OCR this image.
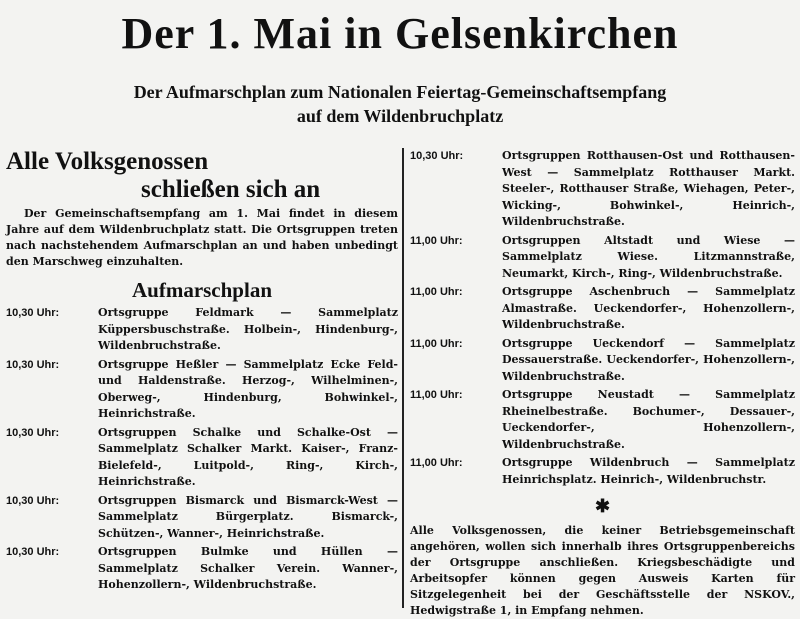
Der 1. Mai in Gelsenkirchen
Der Aufmarschplan zum Nationalen Feiertag-Gemeinschaftsempfang
auf dem Wildenbruchplatz
Alle Volksgenossen
schließen sich an

Der Gemeinschaftsempfang am 1. Mai findet in diesem Jahre auf dem Wildenbruchplatz statt. Die Ortsgruppen treten nach nachstehendem Aufmarschplan an und haben unbedingt den Marschweg einzuhalten.

Aufmarschplan
10,30 Uhr:	Ortsgruppe Feldmark — Sammelplatz Küppersbuschstraße. Holbein-, Hindenburg-, Wildenbruchstraße.
10,30 Uhr:	Ortsgruppe Heßler — Sammelplatz Ecke Feld- und Haldenstraße. Herzog-, Wilhelminen-, Oberweg-, Hindenburg, Bohwinkel-, Heinrichstraße.
10,30 Uhr:	Ortsgruppen Schalke und Schalke-Ost — Sammelplatz Schalker Markt. Kaiser-, Franz-Bielefeld-, Luitpold-, Ring-, Kirch-, Heinrichstraße.
10,30 Uhr:	Ortsgruppen Bismarck und Bismarck-West — Sammelplatz Bürgerplatz. Bismarck-, Schützen-, Wanner-, Heinrichstraße.
10,30 Uhr:	Ortsgruppen Bulmke und Hüllen — Sammelplatz Schalker Verein. Wanner-, Hohenzollern-, Wildenbruchstraße.
10,30 Uhr:	Ortsgruppen Rotthausen-Ost und Rotthausen-West — Sammelplatz Rotthauser Markt. Steeler-, Rotthauser Straße, Wiehagen, Peter-, Wicking-, Bohwinkel-, Heinrich-, Wildenbruchstraße.
11,00 Uhr:	Ortsgruppen Altstadt und Wiese — Sammelplatz Wiese. Litzmannstraße, Neumarkt, Kirch-, Ring-, Wildenbruchstraße.
11,00 Uhr:	Ortsgruppe Aschenbruch — Sammelplatz Almastraße. Ueckendorfer-, Hohenzollern-, Wildenbruchstraße.
11,00 Uhr:	Ortsgruppe Ueckendorf — Sammelplatz Dessauerstraße. Ueckendorfer-, Hohenzollern-, Wildenbruchstraße.
11,00 Uhr:	Ortsgruppe Neustadt — Sammelplatz Rheinelbestraße. Bochumer-, Dessauer-, Ueckendorfer-, Hohenzollern-, Wildenbruchstraße.
11,00 Uhr:	Ortsgruppe Wildenbruch — Sammelplatz Heinrichsplatz. Heinrich-, Wildenbruchstr.
✱

Alle Volksgenossen, die keiner Betriebsgemeinschaft angehören, wollen sich innerhalb ihres Ortsgruppenbereichs der Ortsgruppe anschließen. Kriegsbeschädigte und Arbeitsopfer können gegen Ausweis Karten für Sitzgelegenheit bei der Geschäftsstelle der NSKOV., Hedwigstraße 1, in Empfang nehmen.
